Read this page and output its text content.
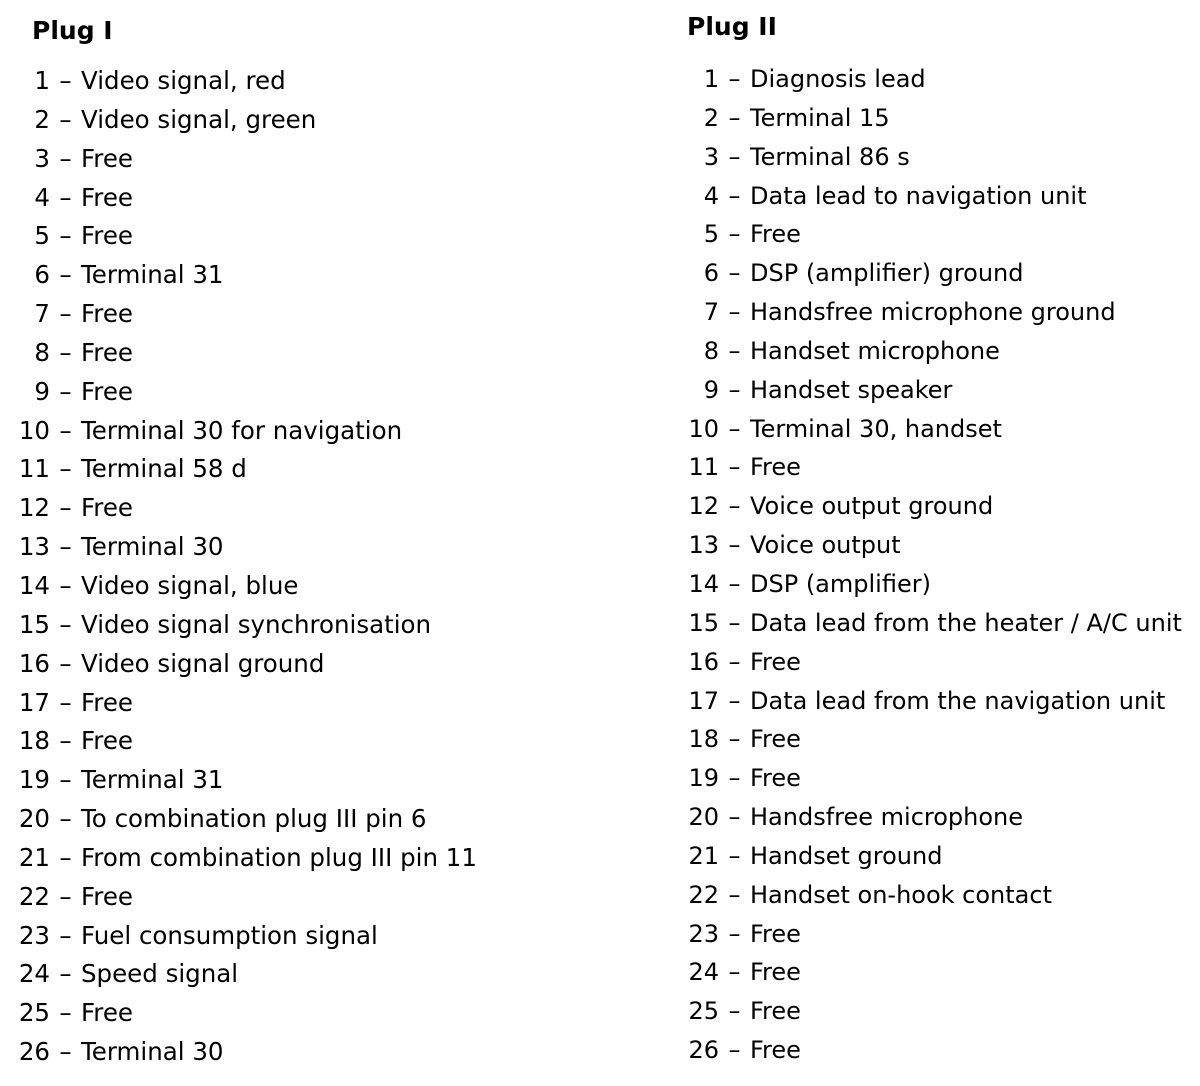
Plug I
1 – Video signal, red
2 – Video signal, green
3 – Free
4 – Free
5 – Free
6 – Terminal 31
7 – Free
8 – Free
9 – Free
10 – Terminal 30 for navigation
11 – Terminal 58 d
12 – Free
13 – Terminal 30
14 – Video signal, blue
15 – Video signal synchronisation
16 – Video signal ground
17 – Free
18 – Free
19 – Terminal 31
20 – To combination plug III pin 6
21 – From combination plug III pin 11
22 – Free
23 – Fuel consumption signal
24 – Speed signal
25 – Free
26 – Terminal 30
Plug II
1 – Diagnosis lead
2 – Terminal 15
3 – Terminal 86 s
4 – Data lead to navigation unit
5 – Free
6 – DSP (amplifier) ground
7 – Handsfree microphone ground
8 – Handset microphone
9 – Handset speaker
10 – Terminal 30, handset
11 – Free
12 – Voice output ground
13 – Voice output
14 – DSP (amplifier)
15 – Data lead from the heater / A/C unit
16 – Free
17 – Data lead from the navigation unit
18 – Free
19 – Free
20 – Handsfree microphone
21 – Handset ground
22 – Handset on-hook contact
23 – Free
24 – Free
25 – Free
26 – Free
